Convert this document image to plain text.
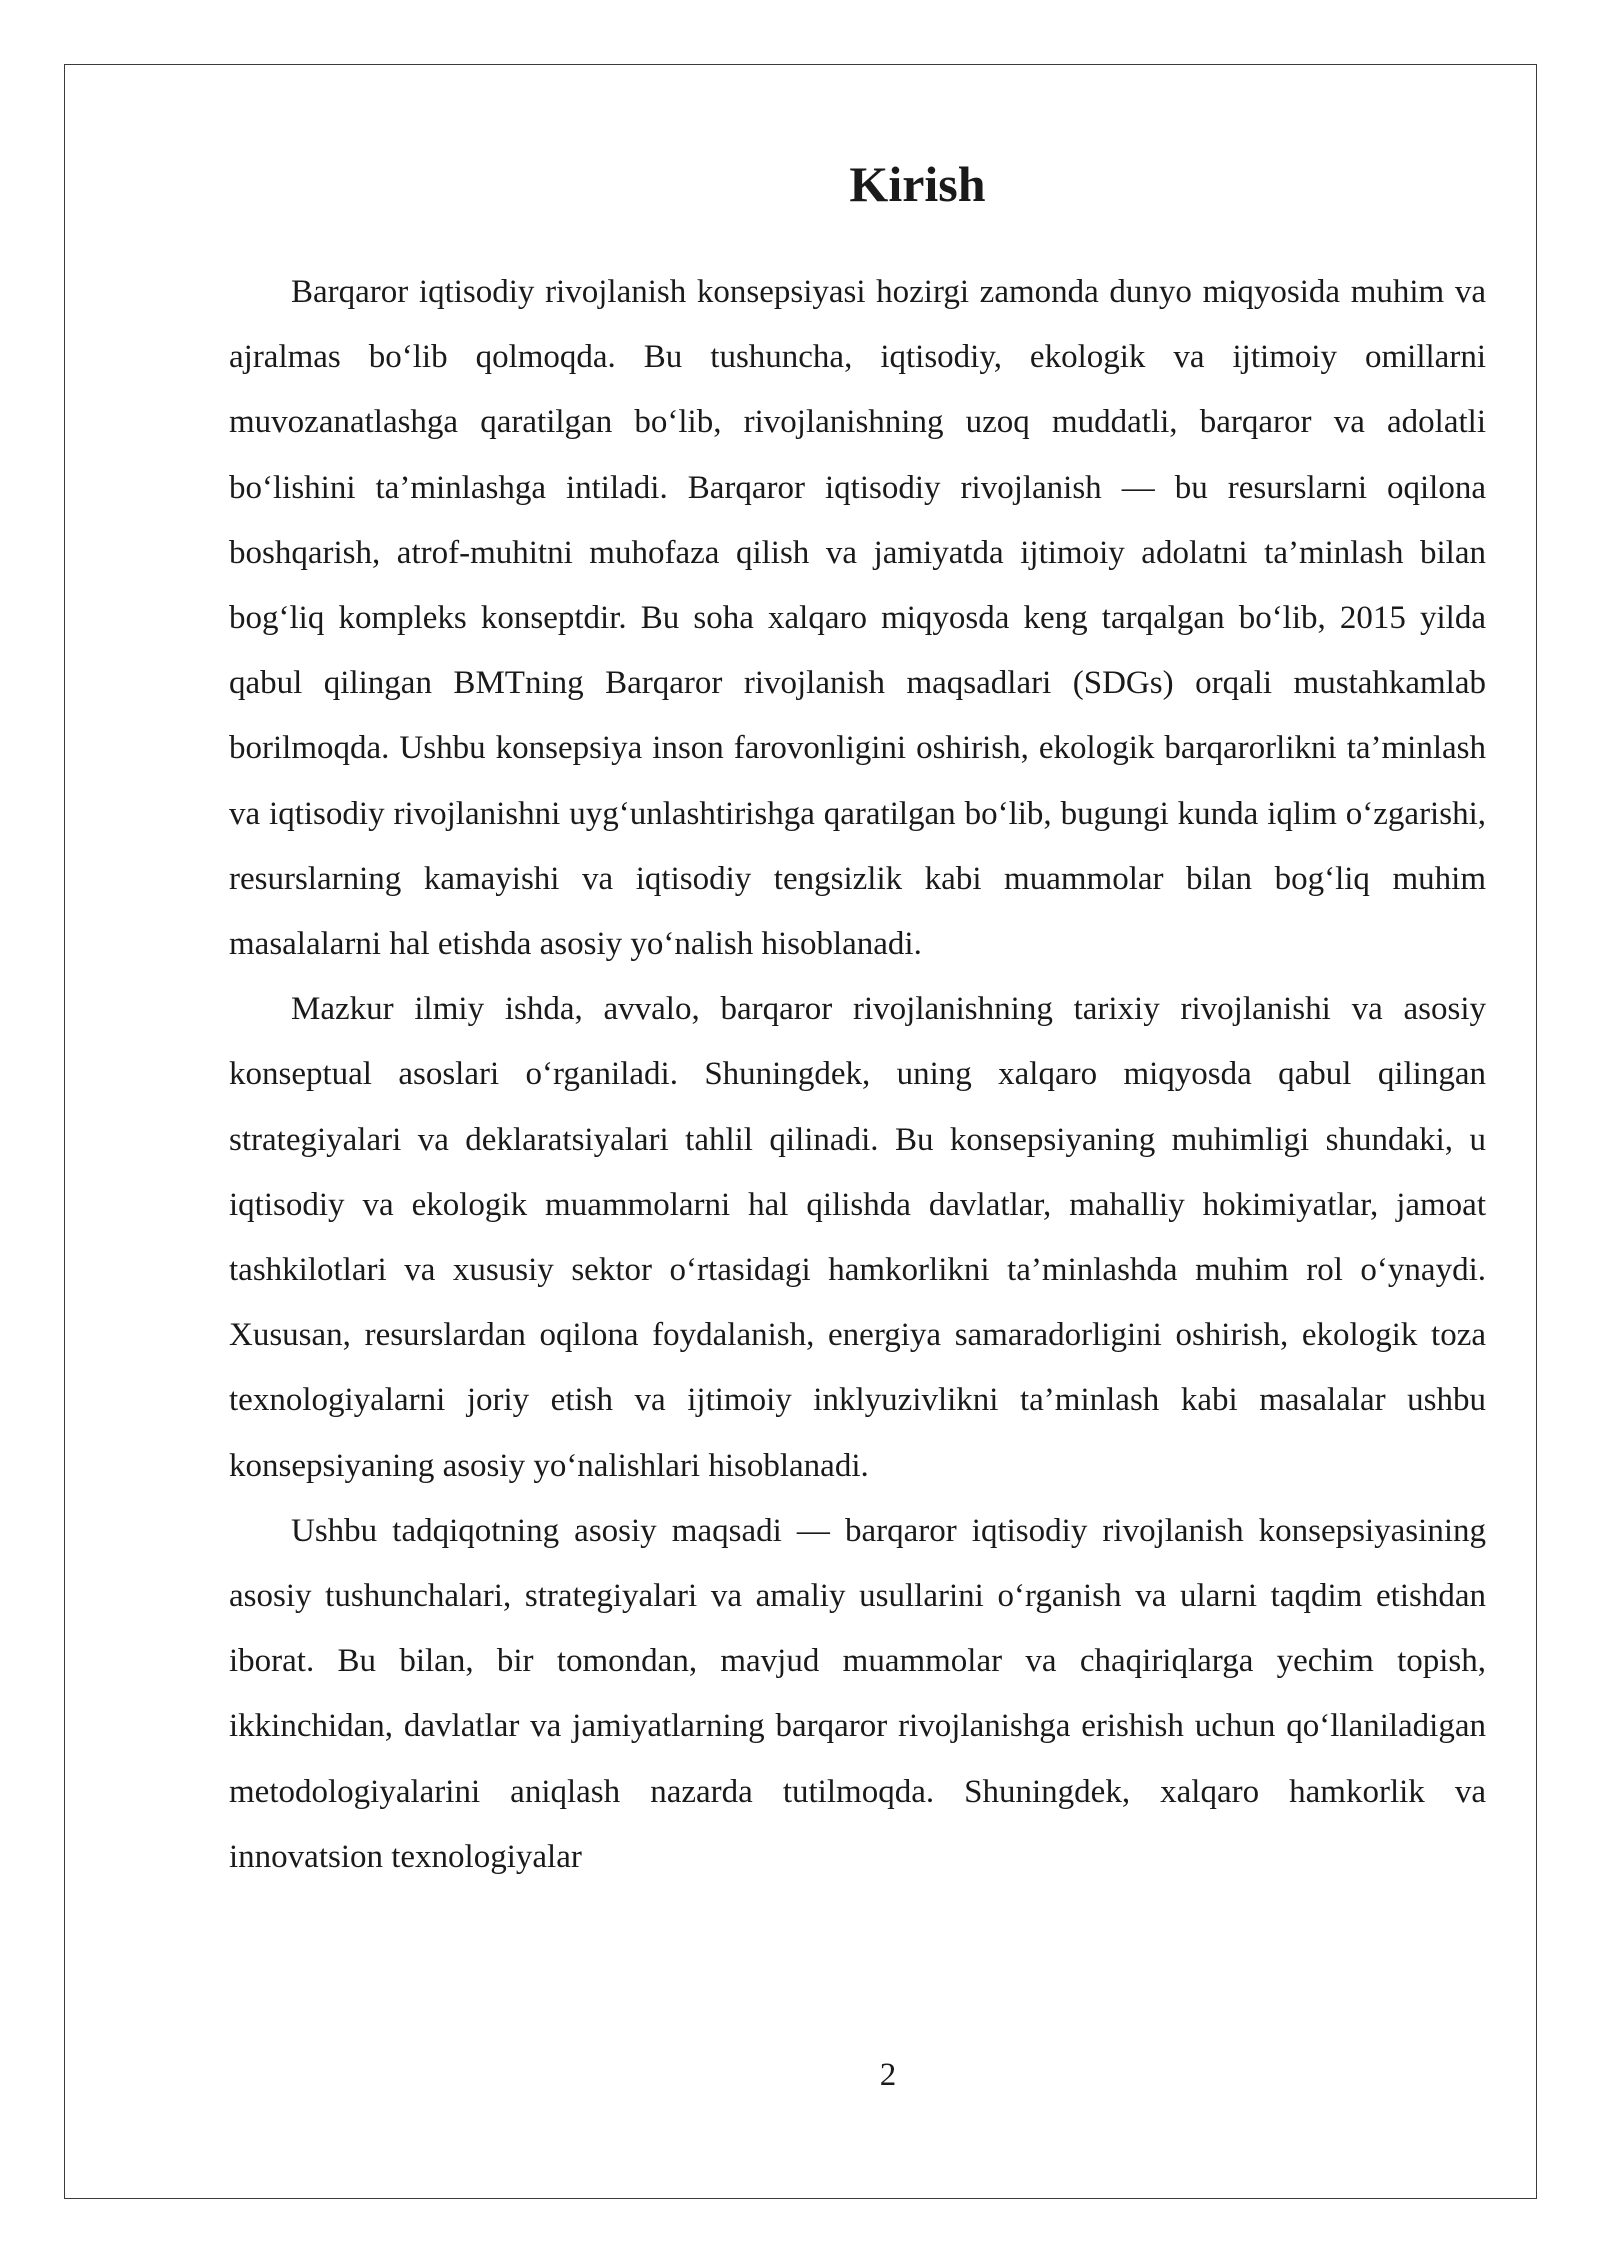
Kirish

Barqaror iqtisodiy rivojlanish konsepsiyasi hozirgi zamonda dunyo miqyosida muhim va ajralmas bo‘lib qolmoqda. Bu tushuncha, iqtisodiy, ekologik va ijtimoiy omillarni muvozanatlashga qaratilgan bo‘lib, rivojlanishning uzoq muddatli, barqaror va adolatli bo‘lishini ta’minlashga intiladi. Barqaror iqtisodiy rivojlanish — bu resurslarni oqilona boshqarish, atrof-muhitni muhofaza qilish va jamiyatda ijtimoiy adolatni ta’minlash bilan bog‘liq kompleks konseptdir. Bu soha xalqaro miqyosda keng tarqalgan bo‘lib, 2015 yilda qabul qilingan BMTning Barqaror rivojlanish maqsadlari (SDGs) orqali mustahkamlab borilmoqda. Ushbu konsepsiya inson farovonligini oshirish, ekologik barqarorlikni ta’minlash va iqtisodiy rivojlanishni uyg‘unlashtirishga qaratilgan bo‘lib, bugungi kunda iqlim o‘zgarishi, resurslarning kamayishi va iqtisodiy tengsizlik kabi muammolar bilan bog‘liq muhim masalalarni hal etishda asosiy yo‘nalish hisoblanadi.

Mazkur ilmiy ishda, avvalo, barqaror rivojlanishning tarixiy rivojlanishi va asosiy konseptual asoslari o‘rganiladi. Shuningdek, uning xalqaro miqyosda qabul qilingan strategiyalari va deklaratsiyalari tahlil qilinadi. Bu konsepsiyaning muhimligi shundaki, u iqtisodiy va ekologik muammolarni hal qilishda davlatlar, mahalliy hokimiyatlar, jamoat tashkilotlari va xususiy sektor o‘rtasidagi hamkorlikni ta’minlashda muhim rol o‘ynaydi. Xususan, resurslardan oqilona foydalanish, energiya samaradorligini oshirish, ekologik toza texnologiyalarni joriy etish va ijtimoiy inklyuzivlikni ta’minlash kabi masalalar ushbu konsepsiyaning asosiy yo‘nalishlari hisoblanadi.

Ushbu tadqiqotning asosiy maqsadi — barqaror iqtisodiy rivojlanish konsepsiyasining asosiy tushunchalari, strategiyalari va amaliy usullarini o‘rganish va ularni taqdim etishdan iborat. Bu bilan, bir tomondan, mavjud muammolar va chaqiriqlarga yechim topish, ikkinchidan, davlatlar va jamiyatlarning barqaror rivojlanishga erishish uchun qo‘llaniladigan metodologiyalarini aniqlash nazarda tutilmoqda. Shuningdek, xalqaro hamkorlik va innovatsion texnologiyalar

2
